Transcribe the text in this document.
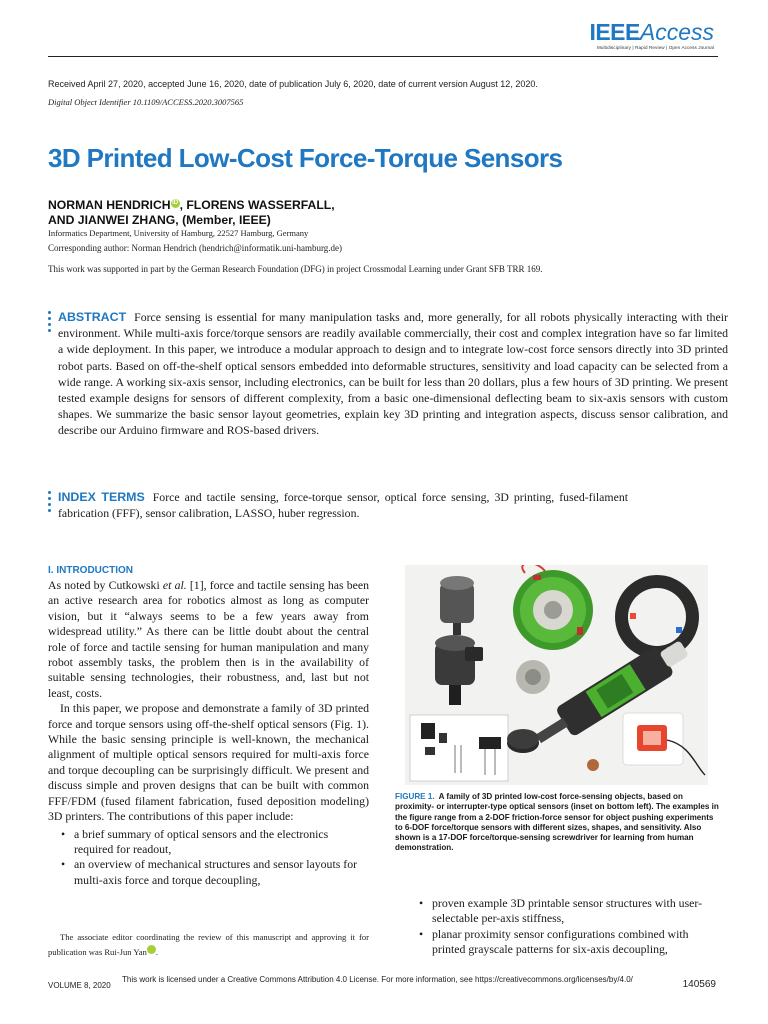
IEEEAccess
Multidisciplinary | Rapid Review | Open Access Journal
Received April 27, 2020, accepted June 16, 2020, date of publication July 6, 2020, date of current version August 12, 2020.
Digital Object Identifier 10.1109/ACCESS.2020.3007565
3D Printed Low-Cost Force-Torque Sensors
NORMAN HENDRICH iD , FLORENS WASSERFALL,
AND JIANWEI ZHANG, (Member, IEEE)
Informatics Department, University of Hamburg, 22527 Hamburg, Germany
Corresponding author: Norman Hendrich (hendrich@informatik.uni-hamburg.de)
This work was supported in part by the German Research Foundation (DFG) in project Crossmodal Learning under Grant SFB TRR 169.
ABSTRACT Force sensing is essential for many manipulation tasks and, more generally, for all robots physically interacting with their environment. While multi-axis force/torque sensors are readily available commercially, their cost and complex integration have so far limited a wide deployment. In this paper, we introduce a modular approach to design and to integrate low-cost force sensors directly into 3D printed robot parts. Based on off-the-shelf optical sensors embedded into deformable structures, sensitivity and load capacity can be selected from a wide range. A working six-axis sensor, including electronics, can be built for less than 20 dollars, plus a few hours of 3D printing. We present tested example designs for sensors of different complexity, from a basic one-dimensional deflecting beam to six-axis sensors with custom shapes. We summarize the basic sensor layout geometries, explain key 3D printing and integration aspects, discuss sensor calibration, and describe our Arduino firmware and ROS-based drivers.
INDEX TERMS Force and tactile sensing, force-torque sensor, optical force sensing, 3D printing, fused-filament fabrication (FFF), sensor calibration, LASSO, huber regression.
I. INTRODUCTION

As noted by Cutkowski et al. [1], force and tactile sensing has been an active research area for robotics almost as long as computer vision, but it “always seems to be a few years away from widespread utility.” As there can be little doubt about the central role of force and tactile sensing for human manipulation and many robot assembly tasks, the problem then is in the availability of suitable sensing technologies, their robustness, and, last but not least, costs.

In this paper, we propose and demonstrate a family of 3D printed force and torque sensors using off-the-shelf optical sensors (Fig. 1). While the basic sensing principle is well-known, the mechanical alignment of multiple optical sensors required for multi-axis force and torque decoupling can be surprisingly difficult. We present and discuss simple and proven designs that can be built with common FFF/FDM (fused filament fabrication, fused deposition modeling) 3D printers. The contributions of this paper include:

• a brief summary of optical sensors and the electronics required for readout,
• an overview of mechanical structures and sensor layouts for multi-axis force and torque decoupling,
The associate editor coordinating the review of this manuscript and approving it for publication was Rui-Jun Yan iD.
FIGURE 1. A family of 3D printed low-cost force-sensing objects, based on proximity- or interrupter-type optical sensors (inset on bottom left). The examples in the figure range from a 2-DOF friction-force sensor for object pushing experiments to 6-DOF force/torque sensors with different sizes, shapes, and sensitivity. Also shown is a 17-DOF force/torque-sensing screwdriver for learning from human demonstration.
• proven example 3D printable sensor structures with user-selectable per-axis stiffness,
• planar proximity sensor configurations combined with printed grayscale patterns for six-axis decoupling,
VOLUME 8, 2020
This work is licensed under a Creative Commons Attribution 4.0 License. For more information, see https://creativecommons.org/licenses/by/4.0/	140569
